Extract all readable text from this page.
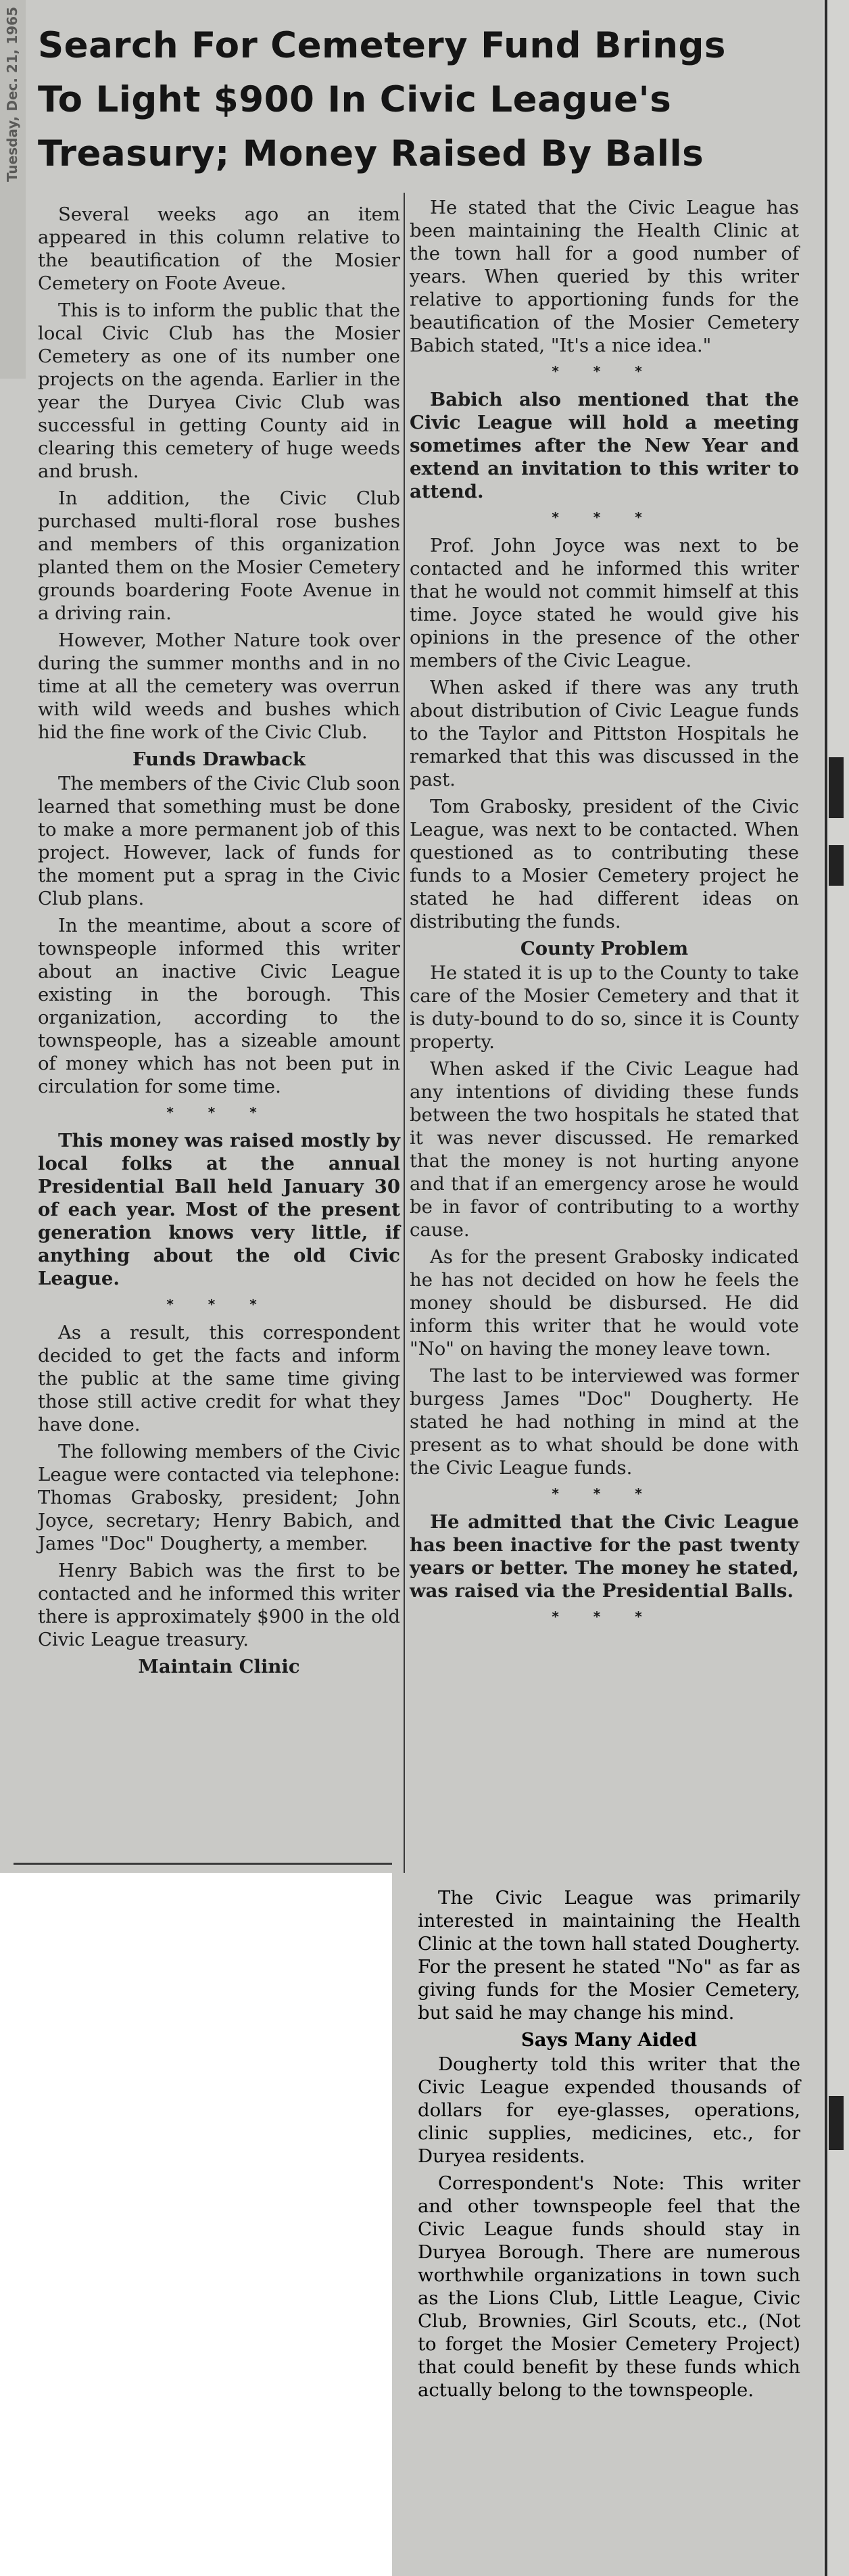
Tuesday, Dec. 21, 1965 Search For Cemetery Fund Brings
To Light $900 In Civic League's
Treasury; Money Raised By Balls
Several weeks ago an item appeared in this column relative to the beautification of the Mosier Cemetery on Foote Aveue.
This is to inform the public that the local Civic Club has the Mosier Cemetery as one of its number one projects on the agenda. Earlier in the year the Duryea Civic Club was successful in getting County aid in clearing this cemetery of huge weeds and brush.
In addition, the Civic Club purchased multi-floral rose bushes and members of this organization planted them on the Mosier Cemetery grounds boardering Foote Avenue in a driving rain.
However, Mother Nature took over during the summer months and in no time at all the cemetery was overrun with wild weeds and bushes which hid the fine work of the Civic Club.
Funds Drawback
The members of the Civic Club soon learned that something must be done to make a more permanent job of this project. However, lack of funds for the moment put a sprag in the Civic Club plans.
In the meantime, about a score of townspeople informed this writer about an inactive Civic League existing in the borough. This organization, according to the townspeople, has a sizeable amount of money which has not been put in circulation for some time.
* * *
This money was raised mostly by local folks at the annual Presidential Ball held January 30 of each year. Most of the present generation knows very little, if anything about the old Civic League.
* * *
As a result, this correspondent decided to get the facts and inform the public at the same time giving those still active credit for what they have done.
The following members of the Civic League were contacted via telephone: Thomas Grabosky, president; John Joyce, secretary; Henry Babich, and James "Doc" Dougherty, a member.
Henry Babich was the first to be contacted and he informed this writer there is approximately $900 in the old Civic League treasury.
Maintain Clinic
He stated that the Civic League has been maintaining the Health Clinic at the town hall for a good number of years. When queried by this writer relative to apportioning funds for the beautification of the Mosier Cemetery Babich stated, "It's a nice idea."
* * *
Babich also mentioned that the Civic League will hold a meeting sometimes after the New Year and extend an invitation to this writer to attend.
* * *
Prof. John Joyce was next to be contacted and he informed this writer that he would not commit himself at this time. Joyce stated he would give his opinions in the presence of the other members of the Civic League.
When asked if there was any truth about distribution of Civic League funds to the Taylor and Pittston Hospitals he remarked that this was discussed in the past.
Tom Grabosky, president of the Civic League, was next to be contacted. When questioned as to contributing these funds to a Mosier Cemetery project he stated he had different ideas on distributing the funds.
County Problem
He stated it is up to the County to take care of the Mosier Cemetery and that it is duty-bound to do so, since it is County property.
When asked if the Civic League had any intentions of dividing these funds between the two hospitals he stated that it was never discussed. He remarked that the money is not hurting anyone and that if an emergency arose he would be in favor of contributing to a worthy cause.
As for the present Grabosky indicated he has not decided on how he feels the money should be disbursed. He did inform this writer that he would vote "No" on having the money leave town.
The last to be interviewed was former burgess James "Doc" Dougherty. He stated he had nothing in mind at the present as to what should be done with the Civic League funds.
* * *
He admitted that the Civic League has been inactive for the past twenty years or better. The money he stated, was raised via the Presidential Balls.
* * *
The Civic League was primarily interested in maintaining the Health Clinic at the town hall stated Dougherty. For the present he stated "No" as far as giving funds for the Mosier Cemetery, but said he may change his mind.
Says Many Aided
Dougherty told this writer that the Civic League expended thousands of dollars for eye-glasses, operations, clinic supplies, medicines, etc., for Duryea residents.
Correspondent's Note: This writer and other townspeople feel that the Civic League funds should stay in Duryea Borough. There are numerous worthwhile organizations in town such as the Lions Club, Little League, Civic Club, Brownies, Girl Scouts, etc., (Not to forget the Mosier Cemetery Project) that could benefit by these funds which actually belong to the townspeople.
